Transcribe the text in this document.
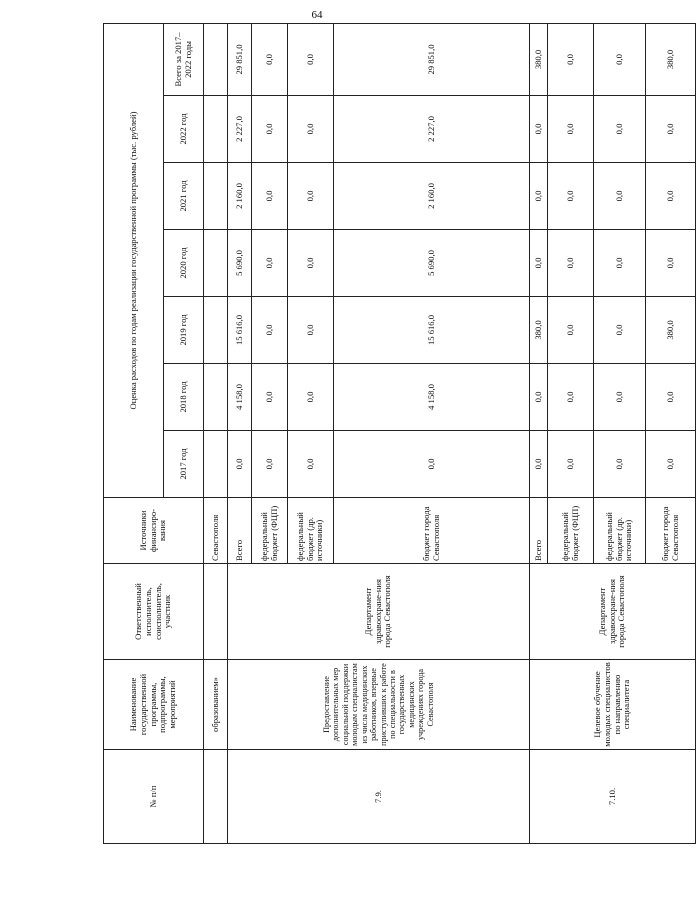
64
№ п/п	Наименование государственной программы, подпрограммы, мероприятий	Ответственный исполнитель, соисполнитель, участник	Источники финансиро-вания	Оценка расходов по годам реализации государственной программы (тыс. рублей)						
				2017 год	2018 год	2019 год	2020 год	2021 год	2022 год	Всего за 2017–2022 годы
	образованием»		Севастополя							
7.9.	Предоставление дополнительных мер социальной поддержки молодым специалистам из числа медицинских работников, впервые приступивших к работе по специальности в государственных медицинских учреждениях города Севастополя	Департамент здравоохране-ния города Севастополя	Всего	0,0	4 158,0	15 616,0	5 690,0	2 160,0	2 227,0	29 851,0
			федеральный бюджет (ФЦП)	0,0	0,0	0,0	0,0	0,0	0,0	0,0
			федеральный бюджет (др. источники)	0,0	0,0	0,0	0,0	0,0	0,0	0,0
			бюджет города Севастополя	0,0	4 158,0	15 616,0	5 690,0	2 160,0	2 227,0	29 851,0
7.10.	Целевое обучение молодых специалистов по направлению специалитета	Департамент здравоохране-ния города Севастополя	Всего	0,0	0,0	380,0	0,0	0,0	0,0	380,0
			федеральный бюджет (ФЦП)	0,0	0,0	0,0	0,0	0,0	0,0	0,0
			федеральный бюджет (др. источники)	0,0	0,0	0,0	0,0	0,0	0,0	0,0
			бюджет города Севастополя	0,0	0,0	380,0	0,0	0,0	0,0	380,0
